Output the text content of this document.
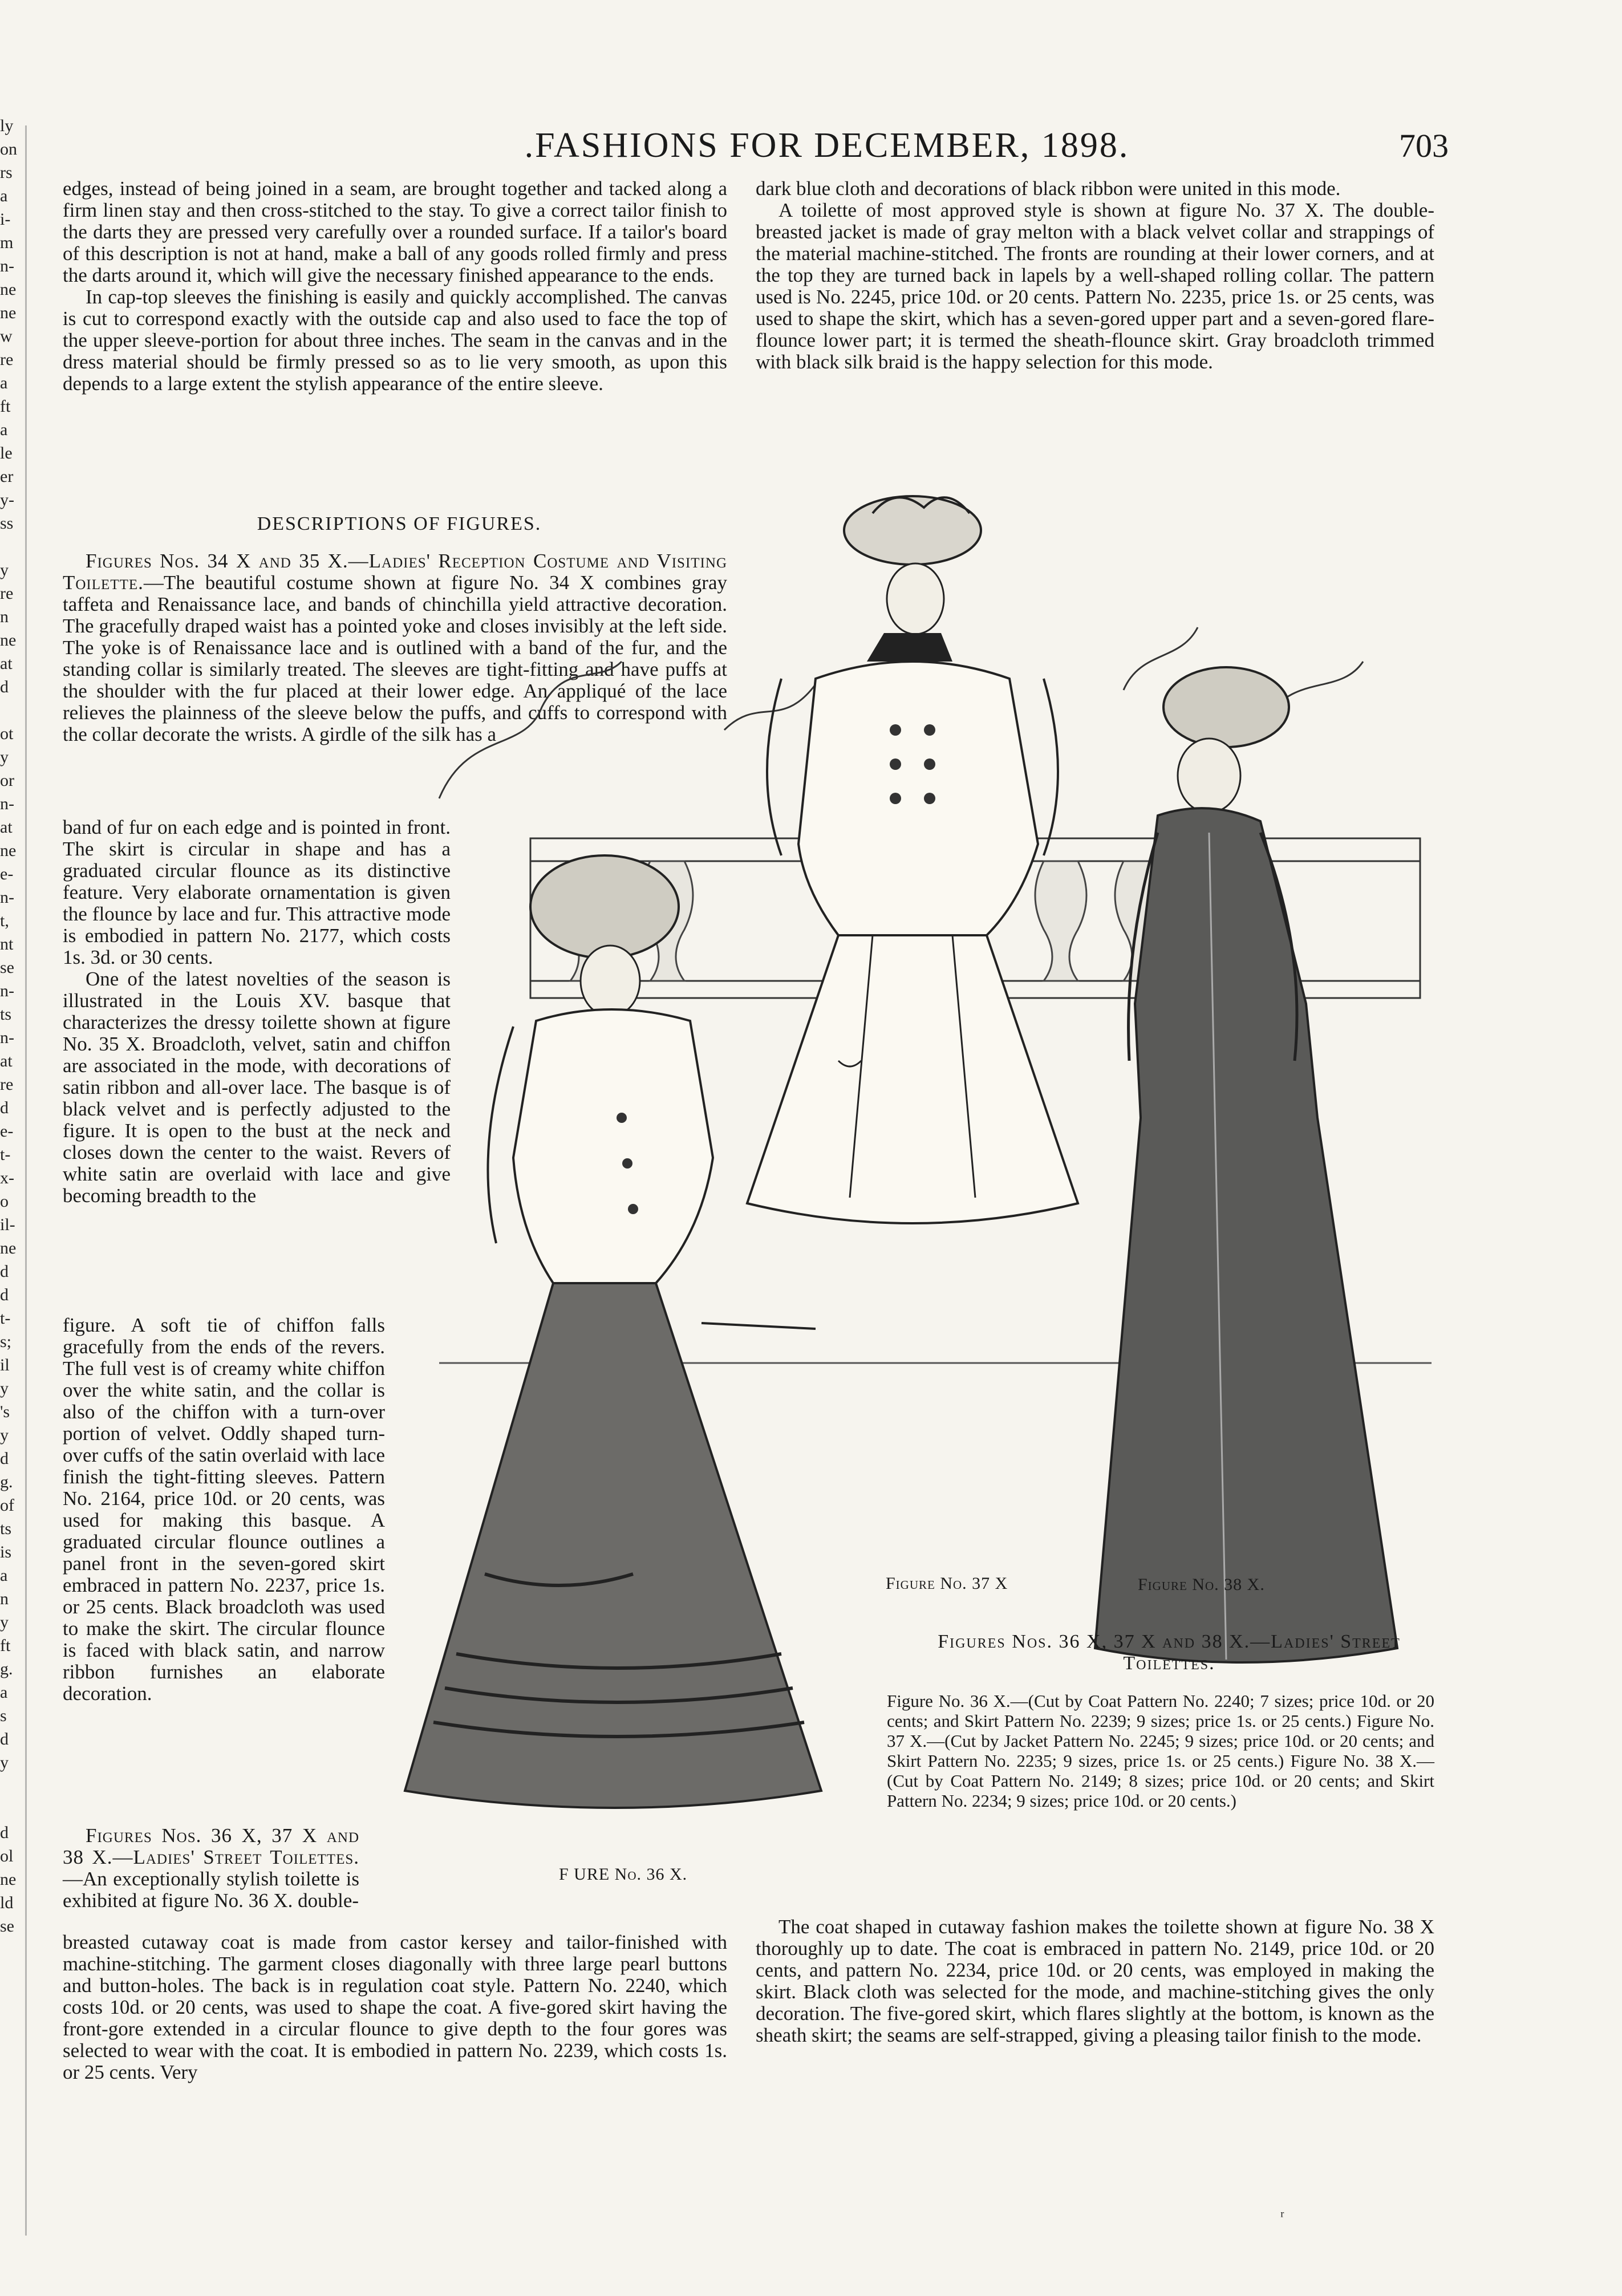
ly
on
rs
a
i-
m
n-
ne
ne
w
re
a
ft
a
le
er
y-
ss

y
re
n
ne
at
d

ot
y
or
n-
at
ne
e-
n-
t,
nt
se
n-
ts
n-
at
re
d
e-
t-
x-
o
il-
ne
d
d
t-
s;
il
y
's
y
d
g.
of
ts
is
a
n
y
ft
g.
a
s
d
y

d
ol
ne
ld
se
.FASHIONS FOR DECEMBER, 1898.	703

edges, instead of being joined in a seam, are brought together and tacked along a firm linen stay and then cross-stitched to the stay. To give a correct tailor finish to the darts they are pressed very carefully over a rounded surface. If a tailor's board of this description is not at hand, make a ball of any goods rolled firmly and press the darts around it, which will give the necessary finished appearance to the ends.

In cap-top sleeves the finishing is easily and quickly accomplished. The canvas is cut to correspond exactly with the outside cap and also used to face the top of the upper sleeve-portion for about three inches. The seam in the canvas and in the dress material should be firmly pressed so as to lie very smooth, as upon this depends to a large extent the stylish appearance of the entire sleeve.

DESCRIPTIONS OF FIGURES.

Figures Nos. 34 X and 35 X.—Ladies' Reception Costume and Visiting Toilette.—The beautiful costume shown at figure No. 34 X combines gray taffeta and Renaissance lace, and bands of chinchilla yield attractive decoration. The gracefully draped waist has a pointed yoke and closes invisibly at the left side. The yoke is of Renaissance lace and is outlined with a band of the fur, and the standing collar is similarly treated. The sleeves are tight-fitting and have puffs at the shoulder with the fur placed at their lower edge. An appliqué of the lace relieves the plainness of the sleeve below the puffs, and cuffs to correspond with the collar decorate the wrists. A girdle of the silk has a

band of fur on each edge and is pointed in front. The skirt is circular in shape and has a graduated circular flounce as its distinctive feature. Very elaborate ornamentation is given the flounce by lace and fur. This attractive mode is embodied in pattern No. 2177, which costs 1s. 3d. or 30 cents.

One of the latest novelties of the season is illustrated in the Louis XV. basque that characterizes the dressy toilette shown at figure No. 35 X. Broadcloth, velvet, satin and chiffon are associated in the mode, with decorations of satin ribbon and all-over lace. The basque is of black velvet and is perfectly adjusted to the figure. It is open to the bust at the neck and closes down the center to the waist. Revers of white satin are overlaid with lace and give becoming breadth to the

figure. A soft tie of chiffon falls gracefully from the ends of the revers. The full vest is of creamy white chiffon over the white satin, and the collar is also of the chiffon with a turn-over portion of velvet. Oddly shaped turn-over cuffs of the satin overlaid with lace finish the tight-fitting sleeves. Pattern No. 2164, price 10d. or 20 cents, was used for making this basque. A graduated circular flounce outlines a panel front in the seven-gored skirt embraced in pattern No. 2237, price 1s. or 25 cents. Black broadcloth was used to make the skirt. The circular flounce is faced with black satin, and narrow ribbon furnishes an elaborate decoration.

Figures Nos. 36 X, 37 X and 38 X.—Ladies' Street Toilettes.—An exceptionally stylish toilette is exhibited at figure No. 36 X. double-

breasted cutaway coat is made from castor kersey and tailor-finished with machine-stitching. The garment closes diagonally with three large pearl buttons and button-holes. The back is in regulation coat style. Pattern No. 2240, which costs 10d. or 20 cents, was used to shape the coat. A five-gored skirt having the front-gore extended in a circular flounce to give depth to the four gores was selected to wear with the coat. It is embodied in pattern No. 2239, which costs 1s. or 25 cents. Very

dark blue cloth and decorations of black ribbon were united in this mode.

A toilette of most approved style is shown at figure No. 37 X. The double-breasted jacket is made of gray melton with a black velvet collar and strappings of the material machine-stitched. The fronts are rounding at their lower corners, and at the top they are turned back in lapels by a well-shaped rolling collar. The pattern used is No. 2245, price 10d. or 20 cents. Pattern No. 2235, price 1s. or 25 cents, was used to shape the skirt, which has a seven-gored upper part and a seven-gored flare-flounce lower part; it is termed the sheath-flounce skirt. Gray broadcloth trimmed with black silk braid is the happy selection for this mode.

Figure No. 37 X	Figure No. 38 X.
F URE No. 36 X.
Figures Nos. 36 X, 37 X and 38 X.—Ladies' Street Toilettes.
Figure No. 36 X.—(Cut by Coat Pattern No. 2240; 7 sizes; price 10d. or 20 cents; and Skirt Pattern No. 2239; 9 sizes; price 1s. or 25 cents.) Figure No. 37 X.—(Cut by Jacket Pattern No. 2245; 9 sizes; price 10d. or 20 cents; and Skirt Pattern No. 2235; 9 sizes, price 1s. or 25 cents.) Figure No. 38 X.—(Cut by Coat Pattern No. 2149; 8 sizes; price 10d. or 20 cents; and Skirt Pattern No. 2234; 9 sizes; price 10d. or 20 cents.)

The coat shaped in cutaway fashion makes the toilette shown at figure No. 38 X thoroughly up to date. The coat is embraced in pattern No. 2149, price 10d. or 20 cents, and pattern No. 2234, price 10d. or 20 cents, was employed in making the skirt. Black cloth was selected for the mode, and machine-stitching gives the only decoration. The five-gored skirt, which flares slightly at the bottom, is known as the sheath skirt; the seams are self-strapped, giving a pleasing tailor finish to the mode.

ʳ
